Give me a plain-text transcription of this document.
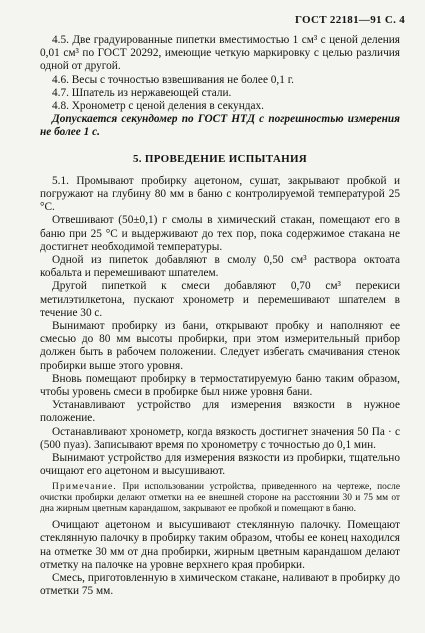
ГОСТ 22181—91 С. 4

4.5. Две градуированные пипетки вместимостью 1 см³ с ценой деления 0,01 см³ по ГОСТ 20292, имеющие четкую маркировку с целью различия одной от другой.

4.6. Весы с точностью взвешивания не более 0,1 г.

4.7. Шпатель из нержавеющей стали.

4.8. Хронометр с ценой деления в секундах.

Допускается секундомер по ГОСТ НТД с погрешностью измерения не более 1 с.

5. ПРОВЕДЕНИЕ ИСПЫТАНИЯ

5.1. Промывают пробирку ацетоном, сушат, закрывают пробкой и погружают на глубину 80 мм в баню с контролируемой температурой 25 °С.

Отвешивают (50±0,1) г смолы в химический стакан, помещают его в баню при 25 °С и выдерживают до тех пор, пока содержимое стакана не достигнет необходимой температуры.

Одной из пипеток добавляют в смолу 0,50 см³ раствора октоата кобальта и перемешивают шпателем.

Другой пипеткой к смеси добавляют 0,70 см³ перекиси метилэтилкетона, пускают хронометр и перемешивают шпателем в течение 30 с.

Вынимают пробирку из бани, открывают пробку и наполняют ее смесью до 80 мм высоты пробирки, при этом измерительный прибор должен быть в рабочем положении. Следует избегать смачивания стенок пробирки выше этого уровня.

Вновь помещают пробирку в термостатируемую баню таким образом, чтобы уровень смеси в пробирке был ниже уровня бани.

Устанавливают устройство для измерения вязкости в нужное положение.

Останавливают хронометр, когда вязкость достигнет значения 50 Па · с (500 пуаз). Записывают время по хронометру с точностью до 0,1 мин.

Вынимают устройство для измерения вязкости из пробирки, тщательно очищают его ацетоном и высушивают.

Примечание. При использовании устройства, приведенного на чертеже, после очистки пробирки делают отметки на ее внешней стороне на расстоянии 30 и 75 мм от дна жирным цветным карандашом, закрывают ее пробкой и помещают в баню.

Очищают ацетоном и высушивают стеклянную палочку. Помещают стеклянную палочку в пробирку таким образом, чтобы ее конец находился на отметке 30 мм от дна пробирки, жирным цветным карандашом делают отметку на палочке на уровне верхнего края пробирки.

Смесь, приготовленную в химическом стакане, наливают в пробирку до отметки 75 мм.
